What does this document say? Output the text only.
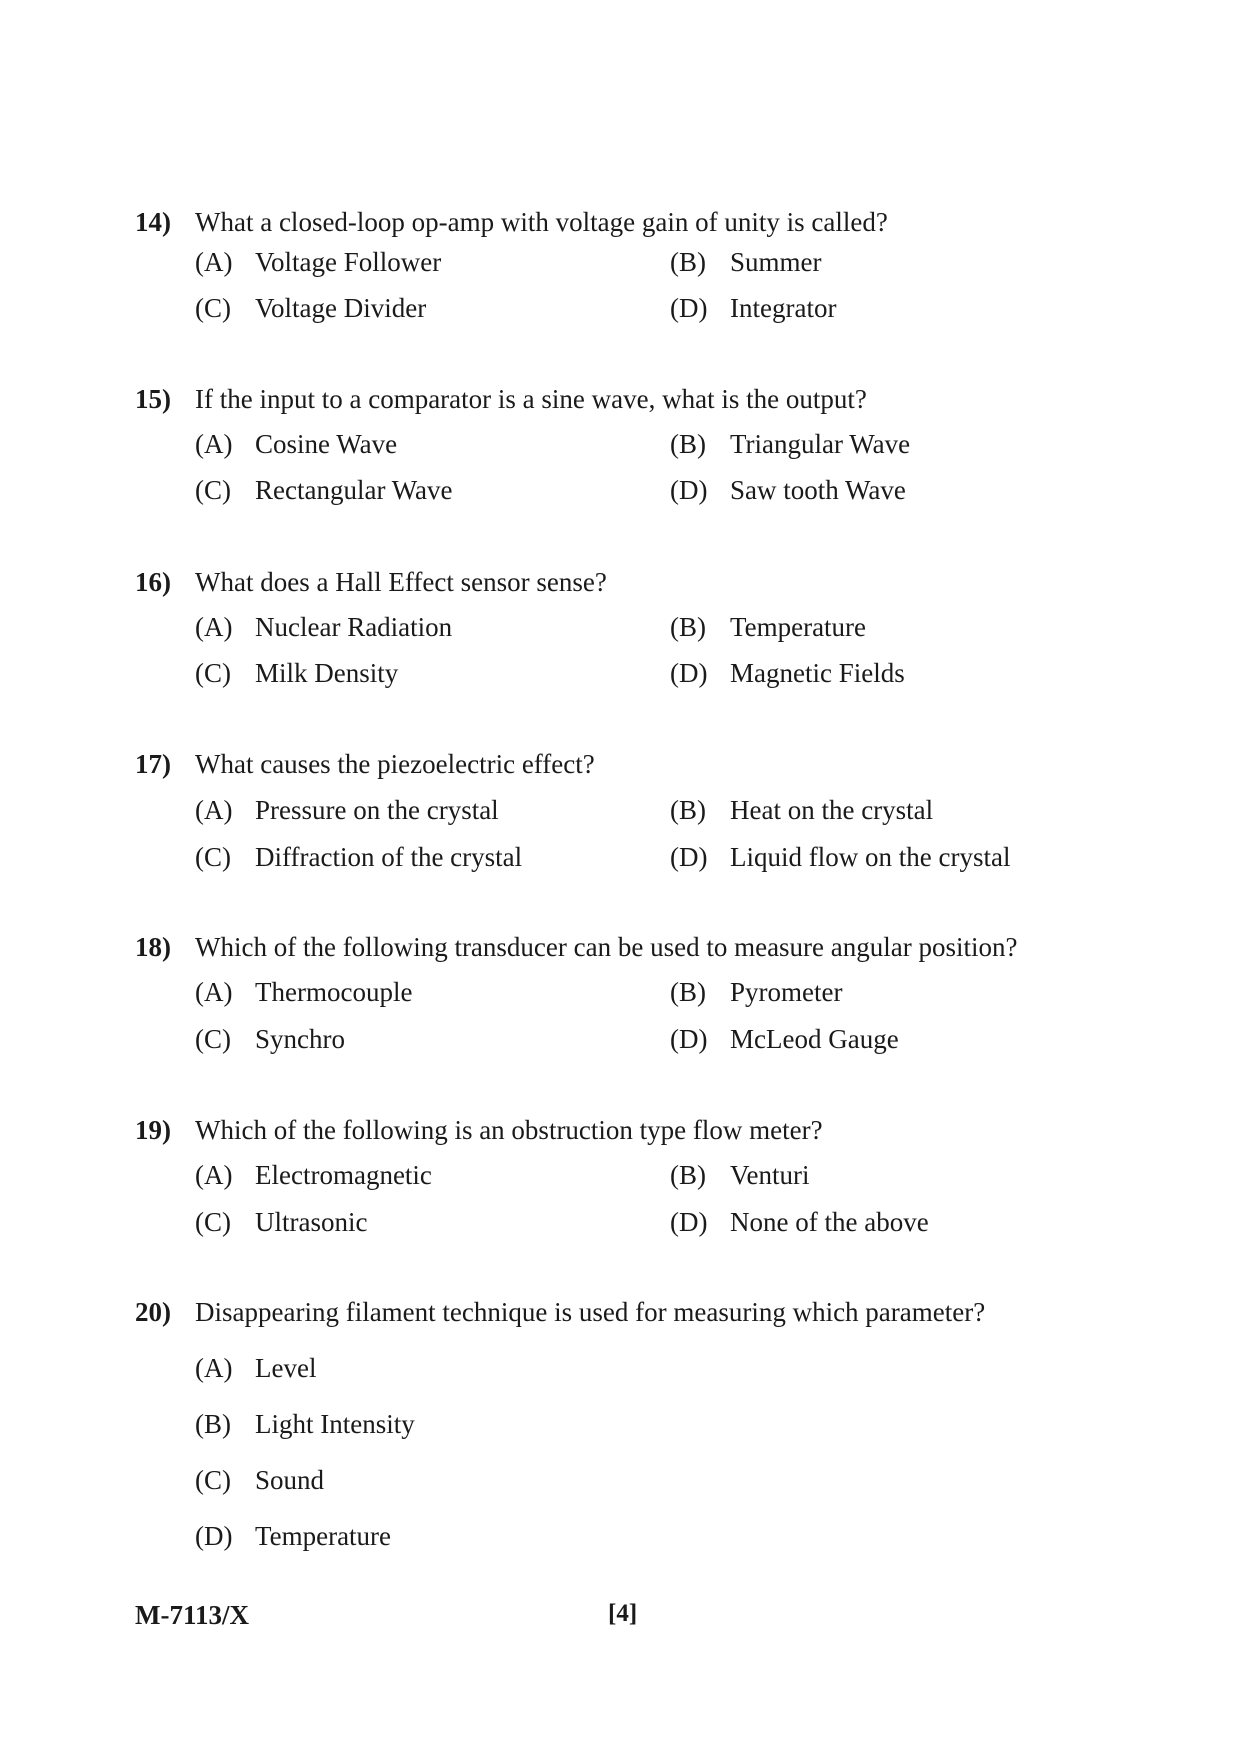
14) What a closed-loop op-amp with voltage gain of unity is called?
(A) Voltage Follower	(B) Summer
(C) Voltage Divider	(D) Integrator
15) If the input to a comparator is a sine wave, what is the output?
(A) Cosine Wave	(B) Triangular Wave
(C) Rectangular Wave	(D) Saw tooth Wave
16) What does a Hall Effect sensor sense?
(A) Nuclear Radiation	(B) Temperature
(C) Milk Density	(D) Magnetic Fields
17) What causes the piezoelectric effect?
(A) Pressure on the crystal	(B) Heat on the crystal
(C) Diffraction of the crystal	(D) Liquid flow on the crystal
18) Which of the following transducer can be used to measure angular position?
(A) Thermocouple	(B) Pyrometer
(C) Synchro	(D) McLeod Gauge
19) Which of the following is an obstruction type flow meter?
(A) Electromagnetic	(B) Venturi
(C) Ultrasonic	(D) None of the above
20) Disappearing filament technique is used for measuring which parameter?
(A) Level
(B) Light Intensity
(C) Sound
(D) Temperature
M-7113/X	[4]
